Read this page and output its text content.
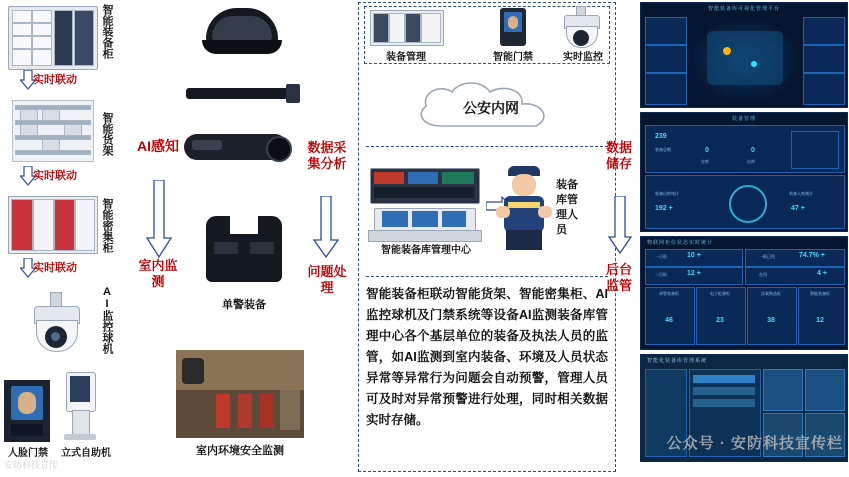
智能装备柜
实时联动
智能货架
实时联动
智能密集柜
实时联动
AI监控球机
人脸门禁	立式自助机
安防科技宣传
AI感知
室内监测
单警装备
室内环境安全监测
数据采集分析
问题处理
装备管理	智能门禁	实时监控
公安内网
智能装备库管理中心
装备库管理人员
智能装备柜联动智能货架、智能密集柜、AI监控球机及门禁系统等设备AI监测装备库管理中心各个基层单位的装备及执法人员的监管，如AI监测到室内装备、环境及人员状态异常等异常行为问题会自动预警，管理人员可及时对异常预警进行处理，同时相关数据实时存储。
数据储存
后台监管
智能装备库可视化管理平台
装备管理
239
装备总数	0
在库
0
出库
192 +
装备出库统计
47 +
装备入库统计
物联网柜位状态实时统计
10 +
一日柜	74.7% +
一板已用
12 +
二日柜	4 +
在用
单警装备柜
46
电子枪弹柜
23
涉案物品柜
38
智能装备柜
12
智能化装备库管理系统
公众号 · 安防科技宣传栏
